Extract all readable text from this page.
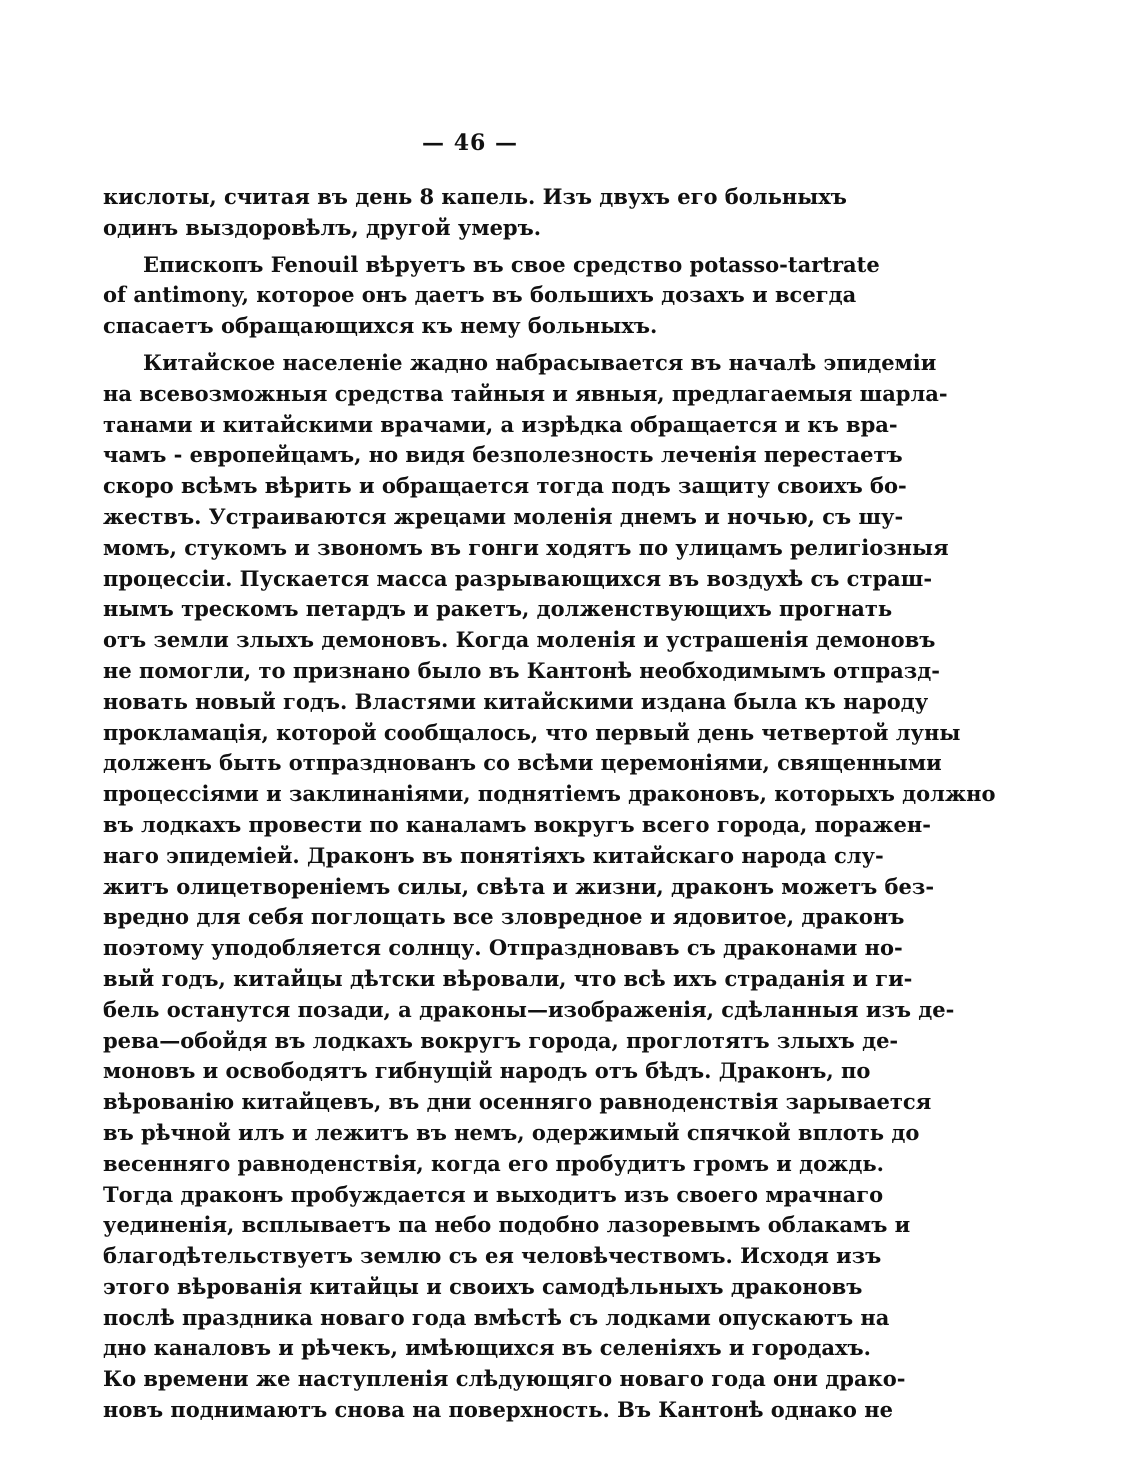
— 46 —
кислоты, считая въ день 8 капель. Изъ двухъ его больныхъ
одинъ выздоровѣлъ, другой умеръ.
Епископъ Fenouil вѣруетъ въ свое средство potasso-tartrate
of antimony, которое онъ даетъ въ большихъ дозахъ и всегда
спасаетъ обращающихся къ нему больныхъ.
Китайское населеніе жадно набрасывается въ началѣ эпидеміи
на всевозможныя средства тайныя и явныя, предлагаемыя шарла-
танами и китайскими врачами, а изрѣдка обращается и къ вра-
чамъ - европейцамъ, но видя безполезность леченія перестаетъ
скоро всѣмъ вѣрить и обращается тогда подъ защиту своихъ бо-
жествъ. Устраиваются жрецами моленія днемъ и ночью, съ шу-
момъ, стукомъ и звономъ въ гонги ходятъ по улицамъ религіозныя
процессіи. Пускается масса разрывающихся въ воздухѣ съ страш-
нымъ трескомъ петардъ и ракетъ, долженствующихъ прогнать
отъ земли злыхъ демоновъ. Когда моленія и устрашенія демоновъ
не помогли, то признано было въ Кантонѣ необходимымъ отпразд-
новать новый годъ. Властями китайскими издана была къ народу
прокламація, которой сообщалось, что первый день четвертой луны
долженъ быть отпразднованъ со всѣми церемоніями, священными
процессіями и заклинаніями, поднятіемъ драконовъ, которыхъ должно
въ лодкахъ провести по каналамъ вокругъ всего города, поражен-
наго эпидеміей. Драконъ въ понятіяхъ китайскаго народа слу-
житъ олицетвореніемъ силы, свѣта и жизни, драконъ можетъ без-
вредно для себя поглощать все зловредное и ядовитое, драконъ
поэтому уподобляется солнцу. Отпраздновавъ съ драконами но-
вый годъ, китайцы дѣтски вѣровали, что всѣ ихъ страданія и ги-
бель останутся позади, а драконы—изображенія, сдѣланныя изъ де-
рева—обойдя въ лодкахъ вокругъ города, проглотятъ злыхъ де-
моновъ и освободятъ гибнущій народъ отъ бѣдъ. Драконъ, по
вѣрованію китайцевъ, въ дни осенняго равноденствія зарывается
въ рѣчной илъ и лежитъ въ немъ, одержимый спячкой вплоть до
весенняго равноденствія, когда его пробудитъ громъ и дождь.
Тогда драконъ пробуждается и выходитъ изъ своего мрачнаго
уединенія, всплываетъ па небо подобно лазоревымъ облакамъ и
благодѣтельствуетъ землю съ ея человѣчествомъ. Исходя изъ
этого вѣрованія китайцы и своихъ самодѣльныхъ драконовъ
послѣ праздника новаго года вмѣстѣ съ лодками опускаютъ на
дно каналовъ и рѣчекъ, имѣющихся въ селеніяхъ и городахъ.
Ко времени же наступленія слѣдующяго новаго года они драко-
новъ поднимаютъ снова на поверхность. Въ Кантонѣ однако не
